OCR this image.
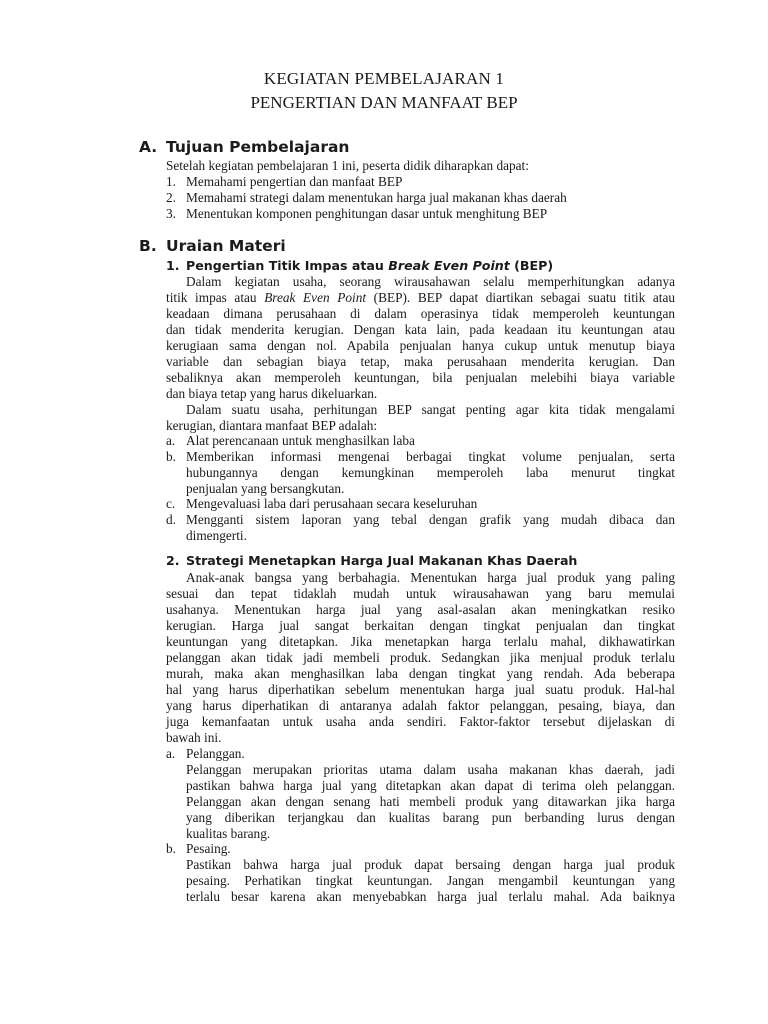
KEGIATAN PEMBELAJARAN 1
PENGERTIAN DAN MANFAAT BEP
A. Tujuan Pembelajaran
Setelah kegiatan pembelajaran 1 ini, peserta didik diharapkan dapat:
1. Memahami pengertian dan manfaat BEP
2. Memahami strategi dalam menentukan harga jual makanan khas daerah
3. Menentukan komponen penghitungan dasar untuk menghitung BEP
B. Uraian Materi
1. Pengertian Titik Impas atau Break Even Point (BEP)
Dalam kegiatan usaha, seorang wirausahawan selalu memperhitungkan adanya
titik impas atau Break Even Point (BEP). BEP dapat diartikan sebagai suatu titik atau
keadaan dimana perusahaan di dalam operasinya tidak memperoleh keuntungan
dan tidak menderita kerugian. Dengan kata lain, pada keadaan itu keuntungan atau
kerugiaan sama dengan nol. Apabila penjualan hanya cukup untuk menutup biaya
variable dan sebagian biaya tetap, maka perusahaan menderita kerugian. Dan
sebaliknya akan memperoleh keuntungan, bila penjualan melebihi biaya variable
dan biaya tetap yang harus dikeluarkan.
Dalam suatu usaha, perhitungan BEP sangat penting agar kita tidak mengalami
kerugian, diantara manfaat BEP adalah:
a. Alat perencanaan untuk menghasilkan laba
b. Memberikan informasi mengenai berbagai tingkat volume penjualan, serta
hubungannya dengan kemungkinan memperoleh laba menurut tingkat
penjualan yang bersangkutan.
c. Mengevaluasi laba dari perusahaan secara keseluruhan
d. Mengganti sistem laporan yang tebal dengan grafik yang mudah dibaca dan
dimengerti.
2. Strategi Menetapkan Harga Jual Makanan Khas Daerah
Anak-anak bangsa yang berbahagia. Menentukan harga jual produk yang paling
sesuai dan tepat tidaklah mudah untuk wirausahawan yang baru memulai
usahanya. Menentukan harga jual yang asal-asalan akan meningkatkan resiko
kerugian. Harga jual sangat berkaitan dengan tingkat penjualan dan tingkat
keuntungan yang ditetapkan. Jika menetapkan harga terlalu mahal, dikhawatirkan
pelanggan akan tidak jadi membeli produk. Sedangkan jika menjual produk terlalu
murah, maka akan menghasilkan laba dengan tingkat yang rendah. Ada beberapa
hal yang harus diperhatikan sebelum menentukan harga jual suatu produk. Hal-hal
yang harus diperhatikan di antaranya adalah faktor pelanggan, pesaing, biaya, dan
juga kemanfaatan untuk usaha anda sendiri. Faktor-faktor tersebut dijelaskan di
bawah ini.
a. Pelanggan.
Pelanggan merupakan prioritas utama dalam usaha makanan khas daerah, jadi
pastikan bahwa harga jual yang ditetapkan akan dapat di terima oleh pelanggan.
Pelanggan akan dengan senang hati membeli produk yang ditawarkan jika harga
yang diberikan terjangkau dan kualitas barang pun berbanding lurus dengan
kualitas barang.
b. Pesaing.
Pastikan bahwa harga jual produk dapat bersaing dengan harga jual produk
pesaing. Perhatikan tingkat keuntungan. Jangan mengambil keuntungan yang
terlalu besar karena akan menyebabkan harga jual terlalu mahal. Ada baiknya
